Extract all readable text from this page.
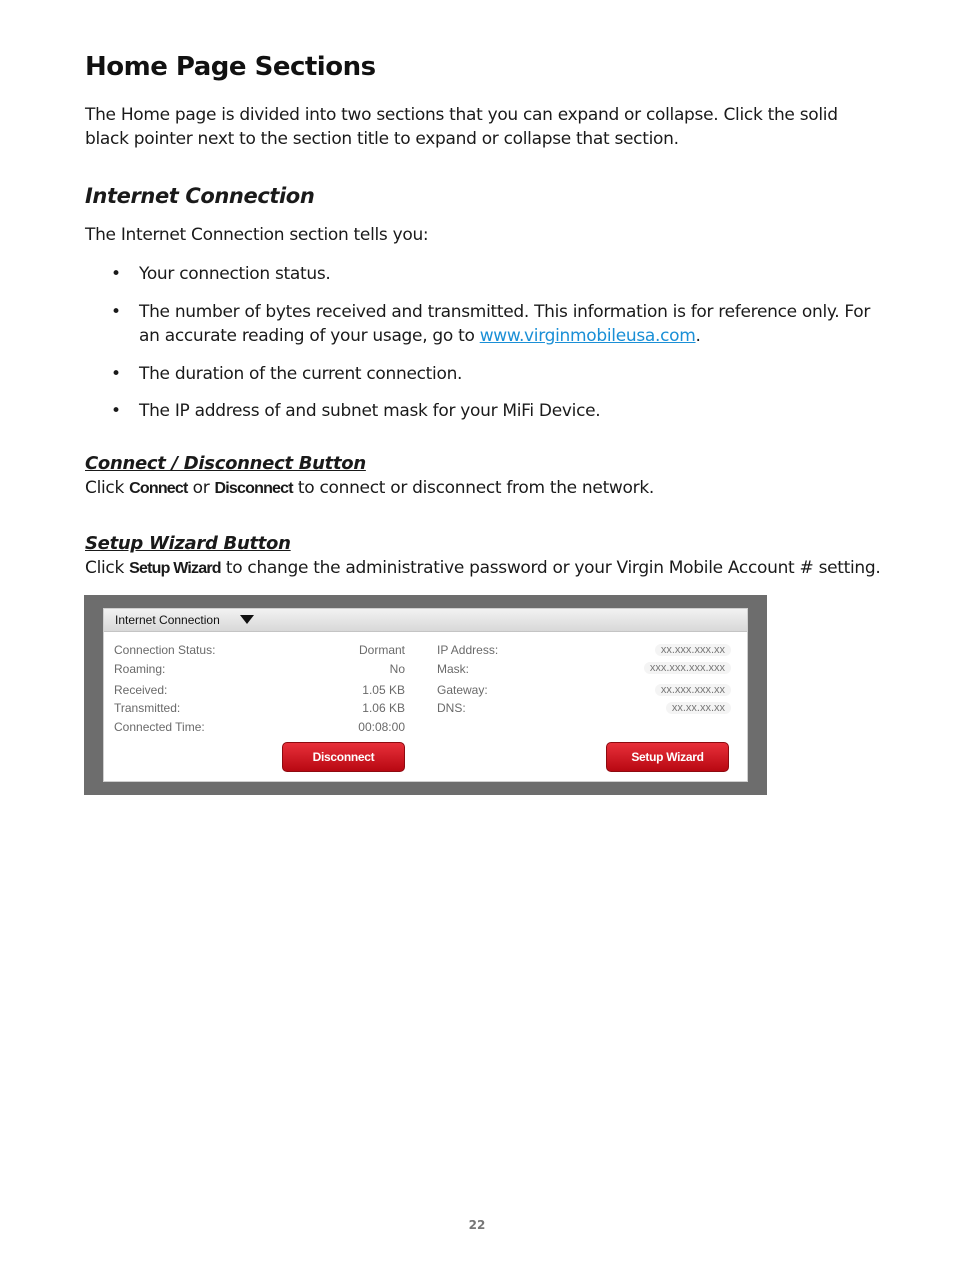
Home Page Sections

The Home page is divided into two sections that you can expand or collapse. Click the solid black pointer next to the section title to expand or collapse that section.

Internet Connection

The Internet Connection section tells you:

• Your connection status.
• The number of bytes received and transmitted. This information is for reference only. For an accurate reading of your usage, go to www.virginmobileusa.com.
• The duration of the current connection.
• The IP address of and subnet mask for your MiFi Device.
Connect / Disconnect Button

Click Connect or Disconnect to connect or disconnect from the network.

Setup Wizard Button

Click Setup Wizard to change the administrative password or your Virgin Mobile Account # setting.

Internet Connection
Connection Status:	Dormant
Roaming:	No
Received:	1.05 KB
Transmitted:	1.06 KB
Connected Time:	00:08:00
IP Address:	xx.xxx.xxx.xx
Mask:	xxx.xxx.xxx.xxx
Gateway:	xx.xxx.xxx.xx
DNS:	xx.xx.xx.xx
Disconnect	Setup Wizard
22
